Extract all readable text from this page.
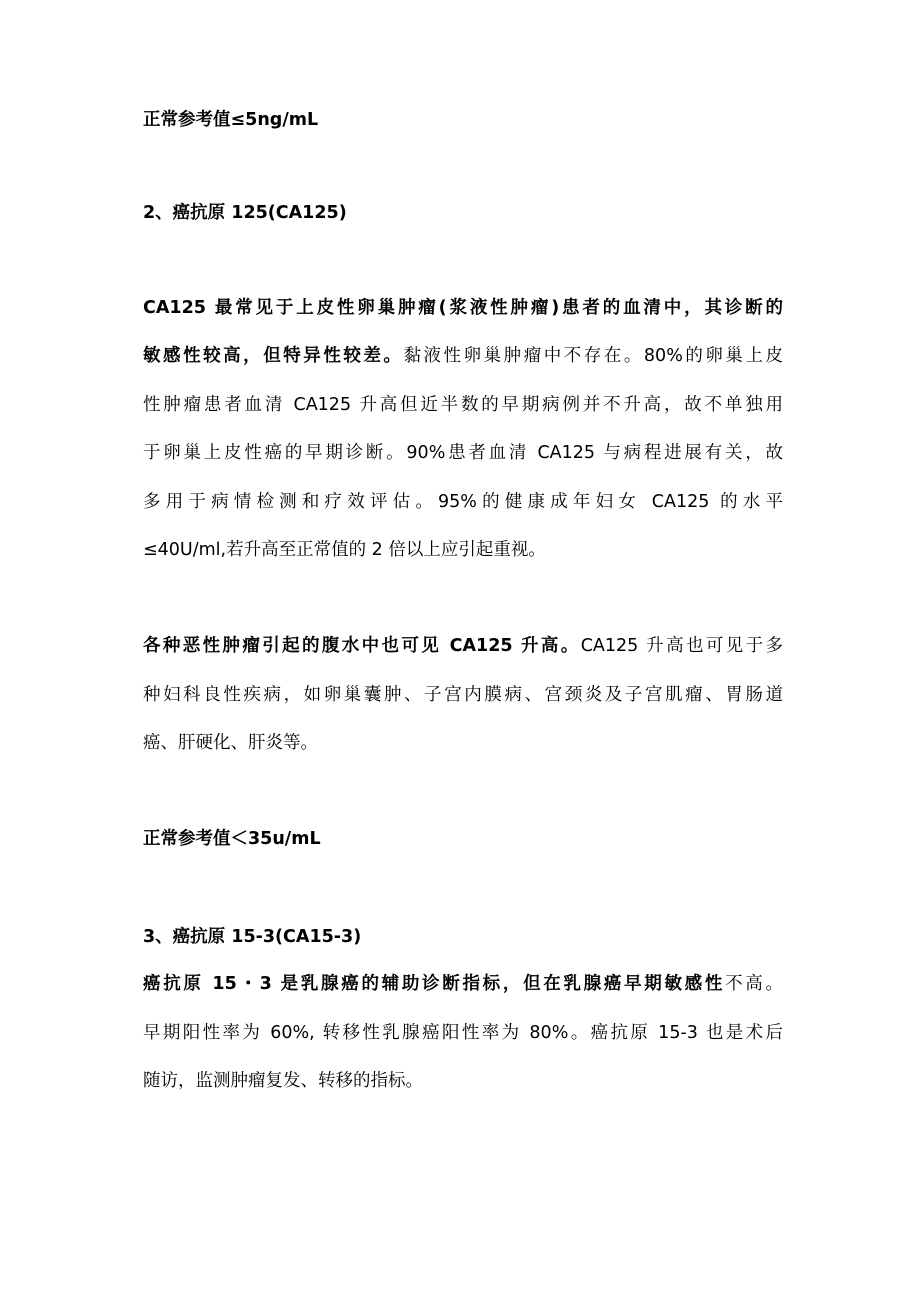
正常参考值≤5ng/mL
2、癌抗原 125(CA125)
CA125 最常见于上皮性卵巢肿瘤(浆液性肿瘤)患者的血清中，其诊断的
敏感性较高，但特异性较差。黏液性卵巢肿瘤中不存在。80%的卵巢上皮
性肿瘤患者血清 CA125 升高但近半数的早期病例并不升高，故不单独用
于卵巢上皮性癌的早期诊断。90%患者血清 CA125 与病程进展有关，故
多用于病情检测和疗效评估。95%的健康成年妇女 CA125 的水平
≤40U/ml,若升高至正常值的 2 倍以上应引起重视。
各种恶性肿瘤引起的腹水中也可见 CA125 升高。CA125 升高也可见于多
种妇科良性疾病，如卵巢囊肿、子宫内膜病、宫颈炎及子宫肌瘤、胃肠道
癌、肝硬化、肝炎等。
正常参考值＜35u/mL
3、癌抗原 15-3(CA15-3)
癌抗原 15・3 是乳腺癌的辅助诊断指标，但在乳腺癌早期敏感性不高。
早期阳性率为 60%, 转移性乳腺癌阳性率为 80%。癌抗原 15-3 也是术后
随访，监测肿瘤复发、转移的指标。
